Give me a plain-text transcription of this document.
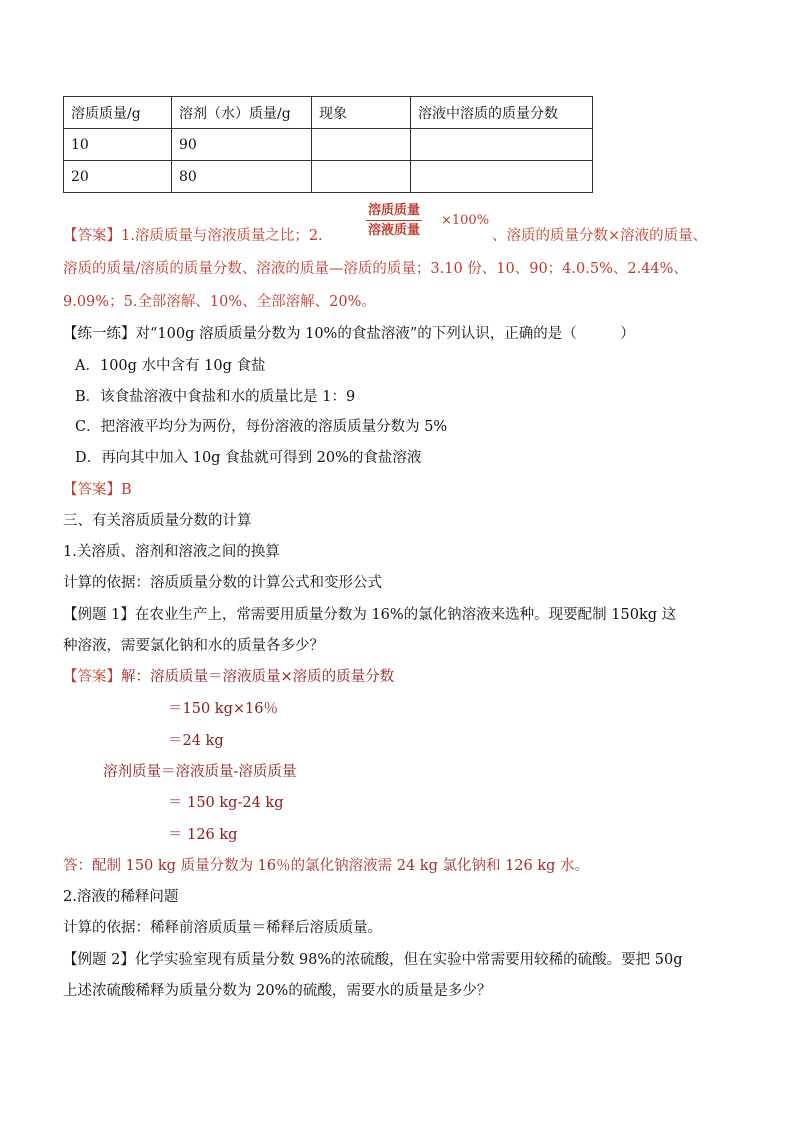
溶质质量/g	溶剂（水）质量/g	现象	溶液中溶质的质量分数
10	90		
20	80		
【答案】1.溶质质量与溶液质量之比；2.
溶质质量
溶液质量
×100%
、溶质的质量分数×溶液的质量、
溶质的质量/溶质的质量分数、溶液的质量—溶质的质量；3.10 份、10、90；4.0.5%、2.44%、
9.09%；5.全部溶解、10%、全部溶解、20%。
【练一练】对“100g 溶质质量分数为 10%的食盐溶液”的下列认识，正确的是（　　　）
A．100g 水中含有 10g 食盐
B．该食盐溶液中食盐和水的质量比是 1：9
C．把溶液平均分为两份，每份溶液的溶质质量分数为 5%
D．再向其中加入 10g 食盐就可得到 20%的食盐溶液
【答案】B
三、有关溶质质量分数的计算
1.关溶质、溶剂和溶液之间的换算
计算的依据：溶质质量分数的计算公式和变形公式
【例题 1】在农业生产上，常需要用质量分数为 16%的氯化钠溶液来选种。现要配制 150kg 这
种溶液，需要氯化钠和水的质量各多少？
【答案】解：溶质质量＝溶液质量×溶质的质量分数
＝150 kg×16％
＝24 kg
溶剂质量＝溶液质量-溶质质量
＝ 150 kg-24 kg
＝ 126 kg
答：配制 150 kg 质量分数为 16％的氯化钠溶液需 24 kg 氯化钠和 126 kg 水。
2.溶液的稀释问题
计算的依据：稀释前溶质质量＝稀释后溶质质量。
【例题 2】化学实验室现有质量分数 98%的浓硫酸，但在实验中常需要用较稀的硫酸。要把 50g
上述浓硫酸稀释为质量分数为 20%的硫酸，需要水的质量是多少？
